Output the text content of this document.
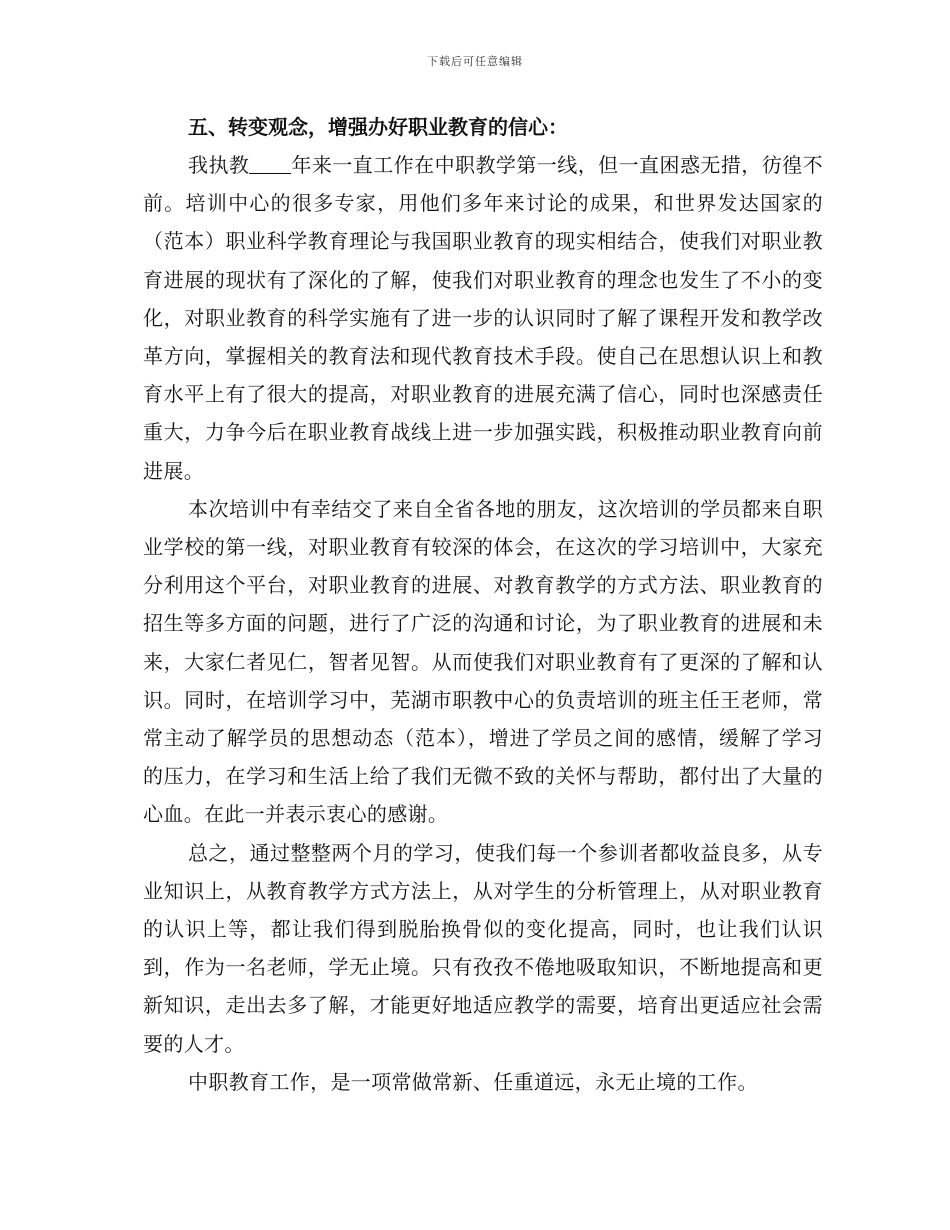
下载后可任意编辑

五、转变观念，增强办好职业教育的信心：

我执教 年来一直工作在中职教学第一线，但一直困惑无措，彷徨不前。培训中心的很多专家，用他们多年来讨论的成果，和世界发达国家的（范本）职业科学教育理论与我国职业教育的现实相结合，使我们对职业教育进展的现状有了深化的了解，使我们对职业教育的理念也发生了不小的变化，对职业教育的科学实施有了进一步的认识同时了解了课程开发和教学改革方向，掌握相关的教育法和现代教育技术手段。使自己在思想认识上和教育水平上有了很大的提高，对职业教育的进展充满了信心，同时也深感责任重大，力争今后在职业教育战线上进一步加强实践，积极推动职业教育向前进展。

本次培训中有幸结交了来自全省各地的朋友，这次培训的学员都来自职业学校的第一线，对职业教育有较深的体会，在这次的学习培训中，大家充分利用这个平台，对职业教育的进展、对教育教学的方式方法、职业教育的招生等多方面的问题，进行了广泛的沟通和讨论，为了职业教育的进展和未来，大家仁者见仁，智者见智。从而使我们对职业教育有了更深的了解和认识。同时，在培训学习中，芜湖市职教中心的负责培训的班主任王老师，常常主动了解学员的思想动态（范本），增进了学员之间的感情，缓解了学习的压力，在学习和生活上给了我们无微不致的关怀与帮助，都付出了大量的心血。在此一并表示衷心的感谢。

总之，通过整整两个月的学习，使我们每一个参训者都收益良多，从专业知识上，从教育教学方式方法上，从对学生的分析管理上，从对职业教育的认识上等，都让我们得到脱胎换骨似的变化提高，同时，也让我们认识到，作为一名老师，学无止境。只有孜孜不倦地吸取知识，不断地提高和更新知识，走出去多了解，才能更好地适应教学的需要，培育出更适应社会需要的人才。

中职教育工作，是一项常做常新、任重道远，永无止境的工作。
